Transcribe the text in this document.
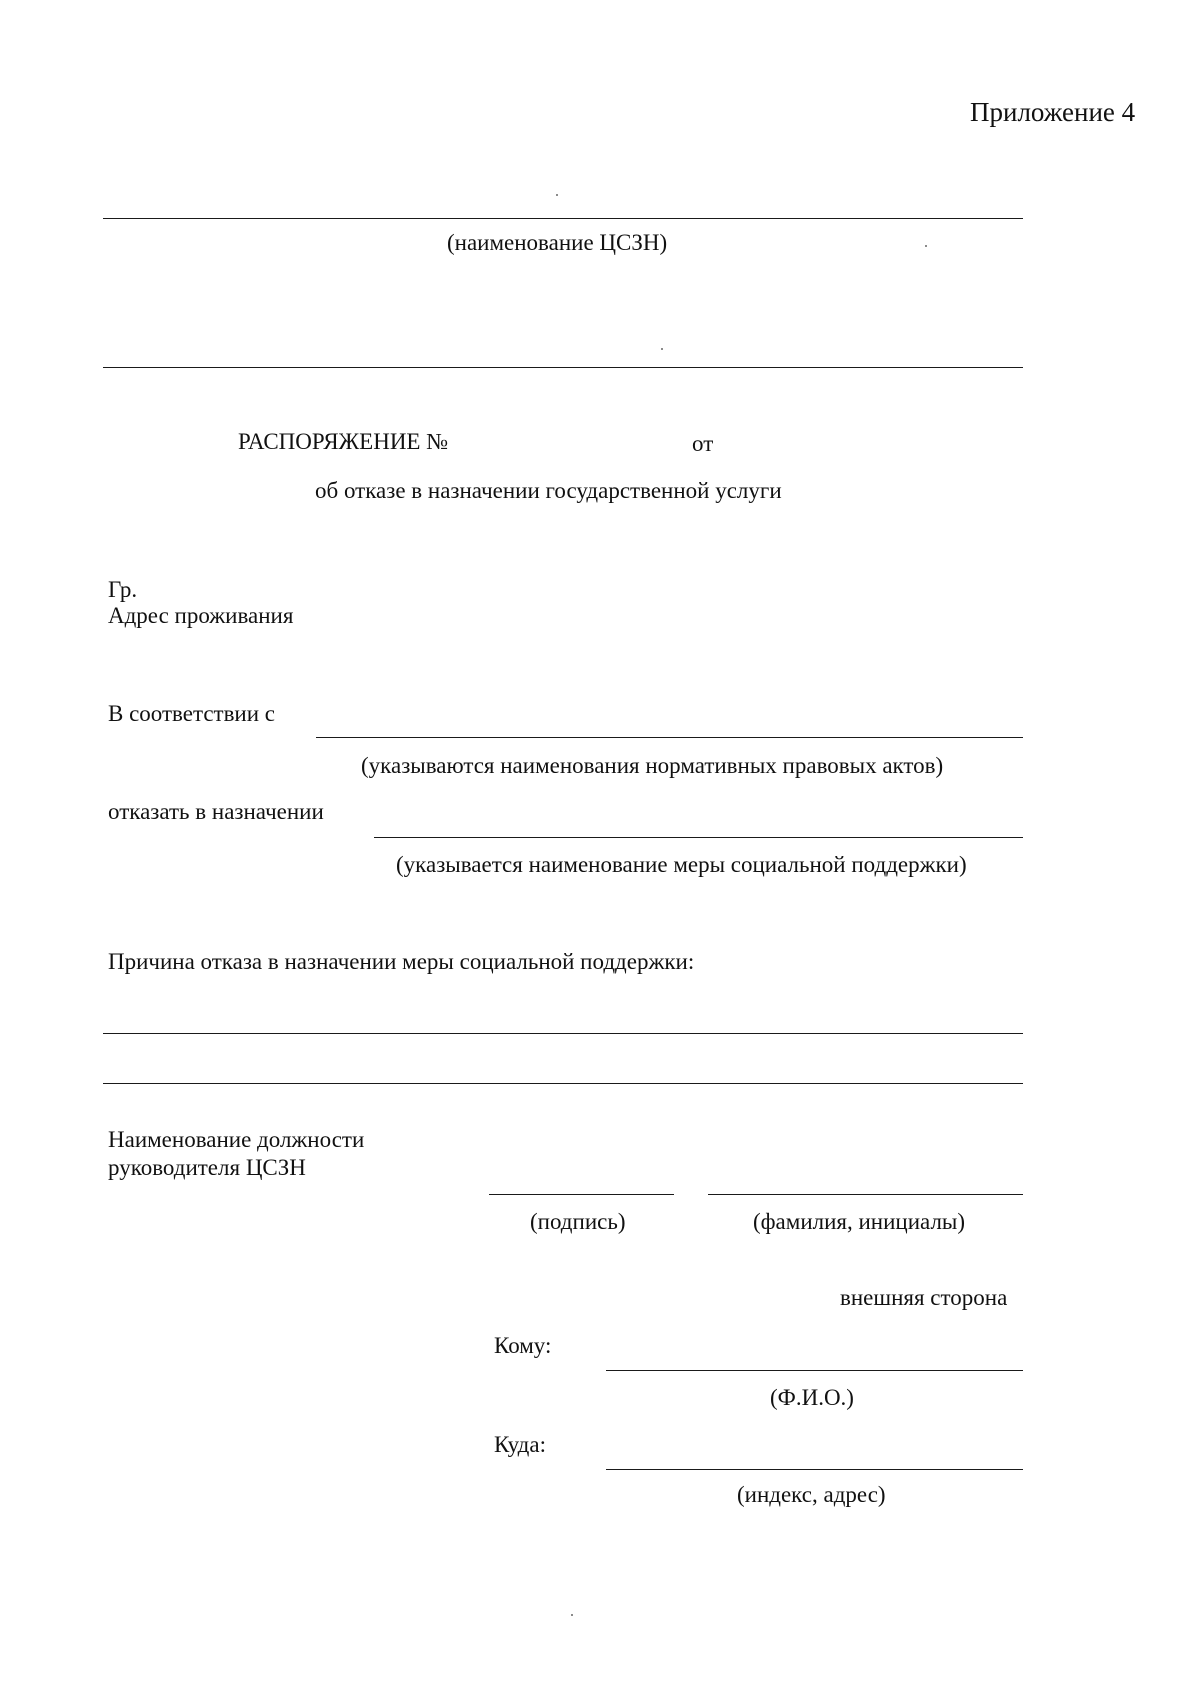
Приложение 4
(наименование ЦСЗН)
РАСПОРЯЖЕНИЕ №	от
об отказе в назначении государственной услуги
Гр.
Адрес проживания
В соответствии с
(указываются наименования нормативных правовых актов)
отказать в назначении
(указывается наименование меры социальной поддержки)
Причина отказа в назначении меры социальной поддержки:
Наименование должности
руководителя ЦСЗН
(подпись)	(фамилия, инициалы)
внешняя сторона
Кому:
(Ф.И.О.)
Куда:
(индекс, адрес)
